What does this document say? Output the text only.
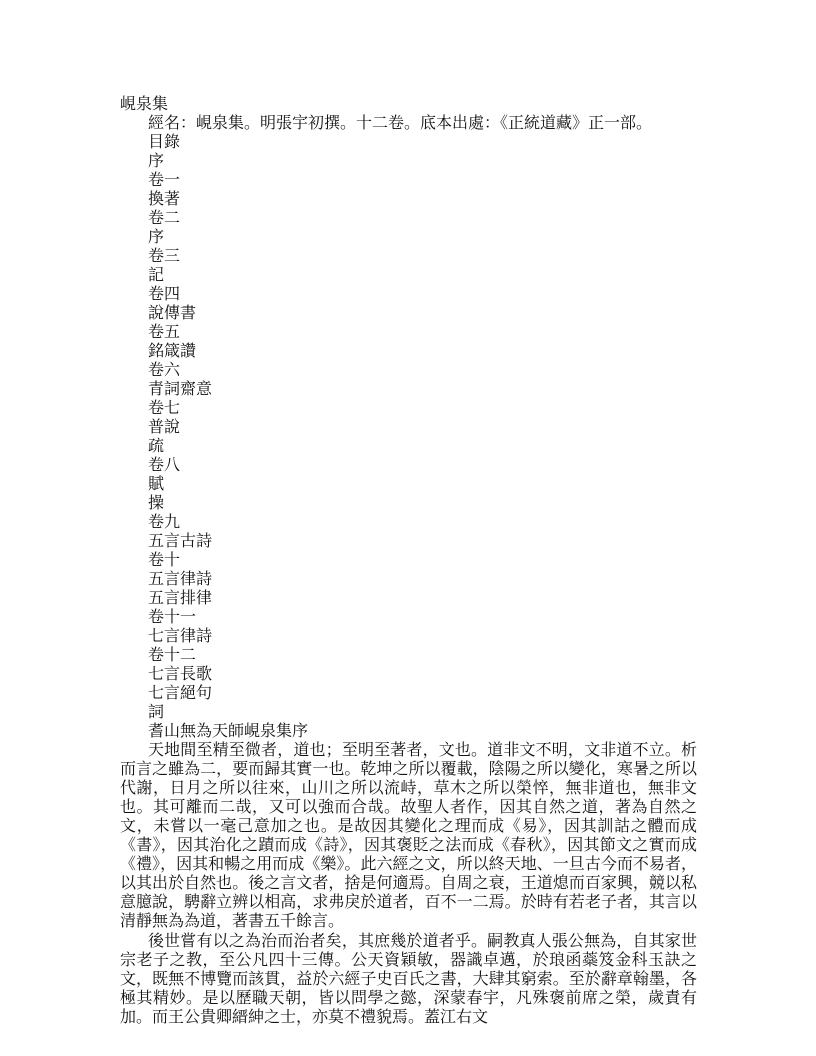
峴泉集
經名：峴泉集。明張宇初撰。十二卷。底本出處：《正統道藏》正一部。
目錄
序
卷一
換著
卷二
序
卷三
記
卷四
說傳書
卷五
銘箴讚
卷六
青詞齋意
卷七
普說
疏
卷八
賦
操
卷九
五言古詩
卷十
五言律詩
五言排律
卷十一
七言律詩
卷十二
七言長歌
七言絕句
詞
耆山無為天師峴泉集序

天地間至精至微者，道也；至明至著者，文也。道非文不明，文非道不立。析而言之雖為二，要而歸其實一也。乾坤之所以覆載，陰陽之所以變化，寒暑之所以代謝，日月之所以往來，山川之所以流峙，草木之所以榮悴，無非道也，無非文也。其可離而二哉，又可以強而合哉。故聖人者作，因其自然之道，著為自然之文，未嘗以一毫己意加之也。是故因其變化之理而成《易》，因其訓詁之體而成《書》，因其治化之蹟而成《詩》，因其褒貶之法而成《春秋》，因其節文之實而成《禮》，因其和暢之用而成《樂》。此六經之文，所以終天地、一旦古今而不易者，以其出於自然也。後之言文者，捨是何適焉。自周之衰，王道熄而百家興，競以私意臆說，騁辭立辨以相高，求弗戾於道者，百不一二焉。於時有若老子者，其言以清靜無為為道，著書五千餘言。

後世嘗有以之為治而治者矣，其庶幾於道者乎。嗣教真人張公無為，自其家世宗老子之教，至公凡四十三傳。公天資穎敏，器識卓邁，於琅函蘂笈金科玉訣之文，既無不博覽而該貫，益於六經子史百氏之書，大肆其窮索。至於辭章翰墨，各極其精妙。是以歷職天朝，皆以問學之懿，深蒙春宇，凡殊褒前席之榮，歲責有加。而王公貴卿縉紳之士，亦莫不禮貌焉。蓋江右文
